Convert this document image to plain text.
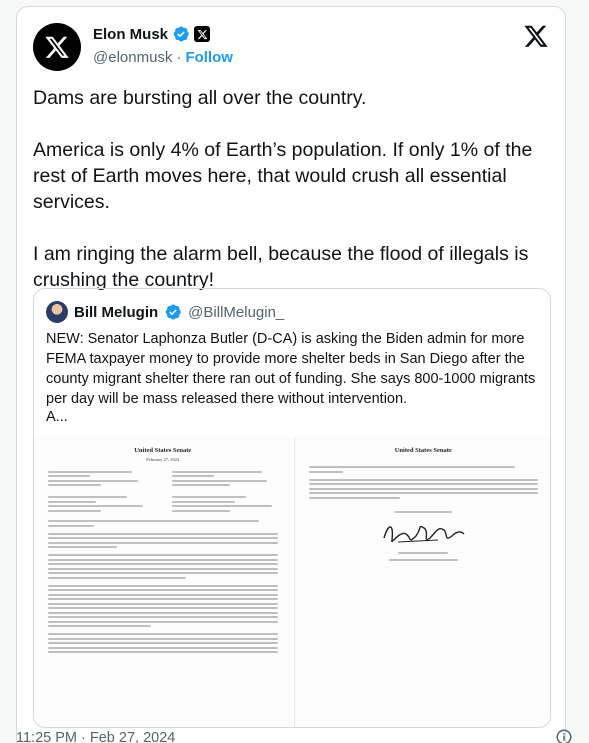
Elon Musk
@elonmusk · Follow

Dams are bursting all over the country.

America is only 4% of Earth’s population. If only 1% of the rest of Earth moves here, that would crush all essential services.

I am ringing the alarm bell, because the flood of illegals is crushing the country!

Bill Melugin @BillMelugin_
NEW: Senator Laphonza Butler (D-CA) is asking the Biden admin for more FEMA taxpayer money to provide more shelter beds in San Diego after the county migrant shelter there ran out of funding. She says 800-1000 migrants per day will be mass released there without intervention.
A...
United States Senate
February 27, 2024
United States Senate
11:25 PM · Feb 27, 2024
